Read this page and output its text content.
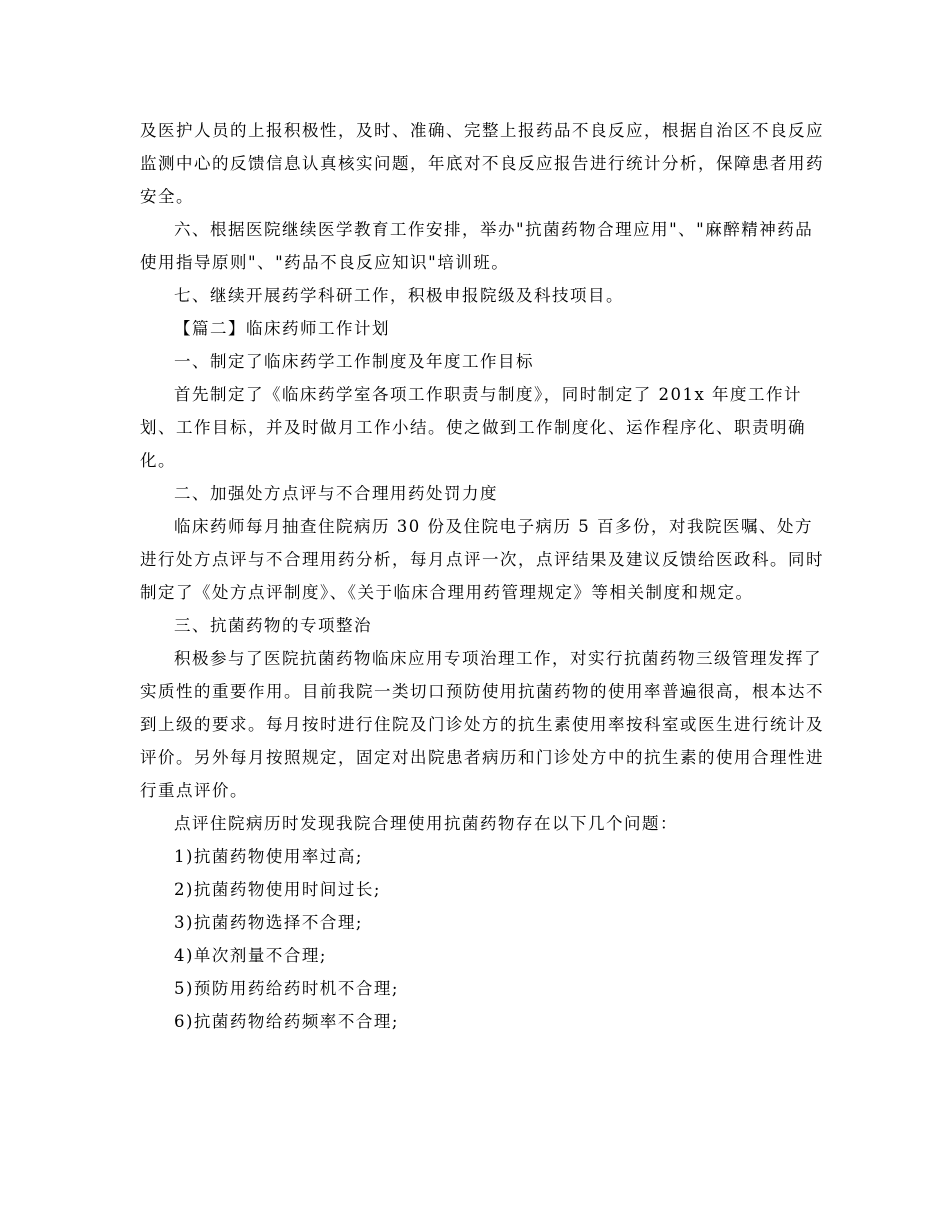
及医护人员的上报积极性，及时、准确、完整上报药品不良反应，根据自治区不良反应监测中心的反馈信息认真核实问题，年底对不良反应报告进行统计分析，保障患者用药安全。

六、根据医院继续医学教育工作安排，举办"抗菌药物合理应用"、"麻醉精神药品使用指导原则"、"药品不良反应知识"培训班。

七、继续开展药学科研工作，积极申报院级及科技项目。

【篇二】临床药师工作计划

一、制定了临床药学工作制度及年度工作目标

首先制定了《临床药学室各项工作职责与制度》，同时制定了 201x 年度工作计划、工作目标，并及时做月工作小结。使之做到工作制度化、运作程序化、职责明确化。

二、加强处方点评与不合理用药处罚力度

临床药师每月抽查住院病历 30 份及住院电子病历 5 百多份，对我院医嘱、处方进行处方点评与不合理用药分析，每月点评一次，点评结果及建议反馈给医政科。同时制定了《处方点评制度》、《关于临床合理用药管理规定》等相关制度和规定。

三、抗菌药物的专项整治

积极参与了医院抗菌药物临床应用专项治理工作，对实行抗菌药物三级管理发挥了实质性的重要作用。目前我院一类切口预防使用抗菌药物的使用率普遍很高，根本达不到上级的要求。每月按时进行住院及门诊处方的抗生素使用率按科室或医生进行统计及评价。另外每月按照规定，固定对出院患者病历和门诊处方中的抗生素的使用合理性进行重点评价。

点评住院病历时发现我院合理使用抗菌药物存在以下几个问题：

1)抗菌药物使用率过高;

2)抗菌药物使用时间过长;

3)抗菌药物选择不合理;

4)单次剂量不合理;

5)预防用药给药时机不合理;

6)抗菌药物给药频率不合理;
